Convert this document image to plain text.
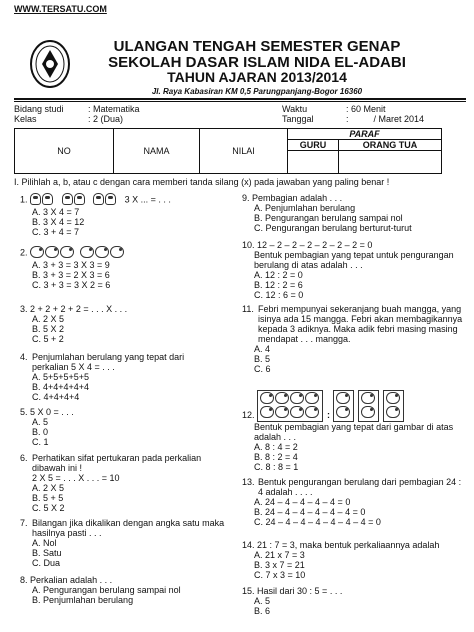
WWW.TERSATU.COM
ULANGAN TENGAH SEMESTER GENAP
SEKOLAH DASAR ISLAM NIDA EL-ADABI
TAHUN AJARAN 2013/2014
Jl. Raya Kabasiran KM 0,5 Parungpanjang-Bogor 16360
Bidang studi	: Matematika
Kelas	: 2 (Dua)
Waktu	: 60 Menit
Tanggal	:          / Maret 2014
NO	NAMA	NILAI	PARAF	
			GURU	ORANG TUA

I. Pilihlah a, b, atau c dengan cara memberi tanda silang (x) pada jawaban yang paling benar !
1.	3 X ... = . . .
A. 3 X 4 = 7
B. 3 X 4 = 12
C. 3 + 4 = 7
2.
A. 3 + 3 = 3 X 3 = 9
B. 3 + 3 = 2 X 3 = 6
C. 3 + 3 = 3 X 2 = 6
3. 2 + 2 + 2 + 2 = . . . X . . .
A. 2 X 5
B. 5 X 2
C. 5 + 2
4. Penjumlahan berulang yang tepat dari perkalian 5 X 4 = . . .
A. 5+5+5+5+5
B. 4+4+4+4+4
C. 4+4+4+4
5. 5 X 0 = . . .
A. 5
B. 0
C. 1
6. Perhatikan sifat pertukaran pada perkalian dibawah ini !
2 X 5 = . . . X . . . = 10
A. 2 X 5
B. 5 + 5
C. 5 X 2
7. Bilangan jika dikalikan dengan angka satu maka hasilnya pasti . . .
A. Nol
B. Satu
C. Dua
8. Perkalian adalah . . .
A. Pengurangan berulang sampai nol
B. Penjumlahan berulang
9. Pembagian adalah . . .
A. Penjumlahan berulang
B. Pengurangan berulang sampai nol
C. Pengurangan berulang berturut-turut
10. 12 – 2 – 2 – 2 – 2 – 2 – 2 = 0
Bentuk pembagian yang tepat untuk pengurangan berulang di atas adalah . . .
A. 12 : 2 = 0
B. 12 : 2 = 6
C. 12 : 6 = 0
11. Febri mempunyai sekeranjang buah mangga, yang isinya ada 15 mangga. Febri akan membagikannya kepada 3 adiknya. Maka adik febri masing masing mendapat . . . mangga.
A. 4
B. 5
C. 6
12.	:

Bentuk pembagian yang tepat dari gambar di atas adalah . . .
A. 8 : 4 = 2
B. 8 : 2 = 4
C. 8 : 8 = 1
13. Bentuk pengurangan berulang dari pembagian 24 : 4 adalah . . . .
A. 24 – 4 – 4 – 4 – 4 = 0
B. 24 – 4 – 4 – 4 – 4 – 4 = 0
C. 24 – 4 – 4 – 4 – 4 – 4 – 4 = 0
14. 21 : 7 = 3, maka bentuk perkaliaannya adalah
A. 21 x 7 = 3
B. 3 x 7 = 21
C. 7 x 3 = 10
15. Hasil dari 30 : 5 = . . .
A. 5
B. 6
